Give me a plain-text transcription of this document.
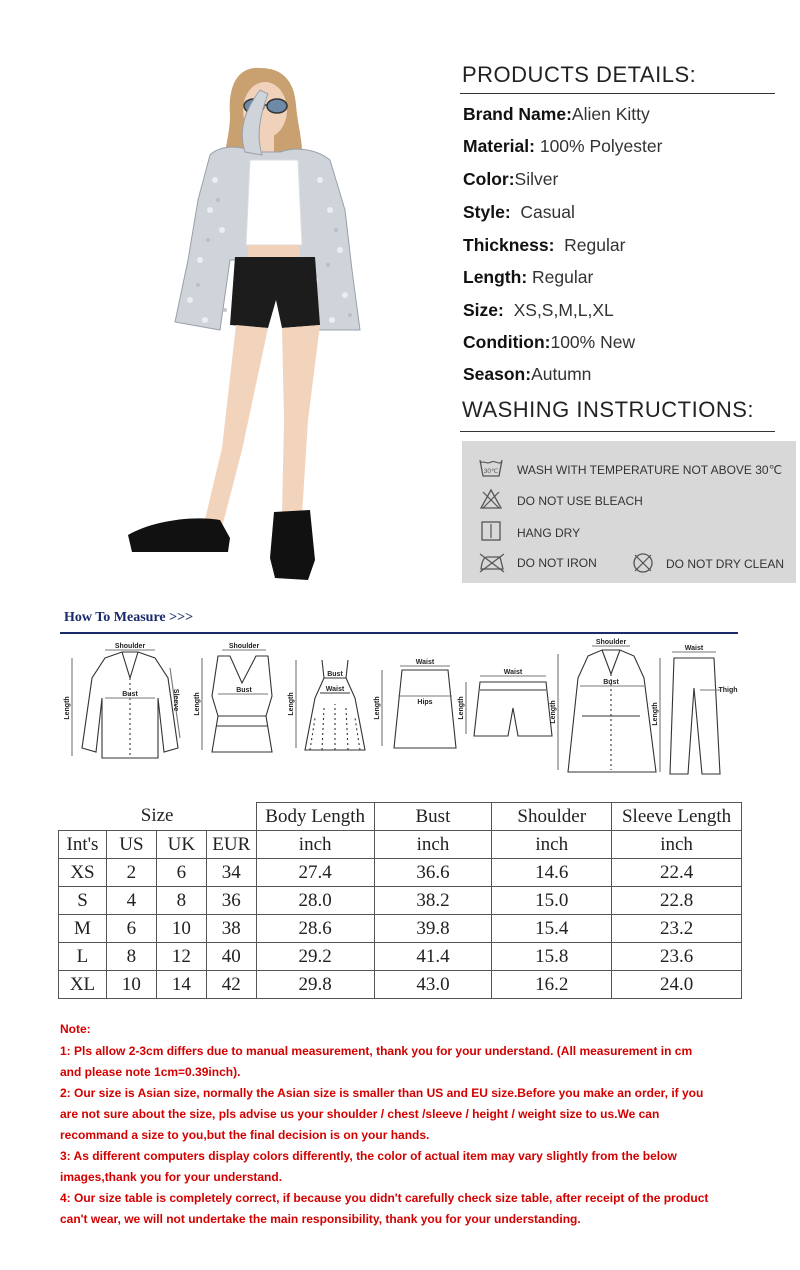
PRODUCTS DETAILS:
Brand Name:Alien Kitty
Material: 100% Polyester
Color:Silver
Style: Casual
Thickness: Regular
Length: Regular
Size: XS,S,M,L,XL
Condition:100% New
Season:Autumn
WASHING INSTRUCTIONS:
30℃ WASH WITH TEMPERATURE NOT ABOVE 30℃
DO NOT USE BLEACH
HANG DRY
DO NOT IRON	DO NOT DRY CLEAN
How To Measure >>>
Shoulder
Bust
Length	Sleeve
Shoulder
Bust
Length
Bust
Waist
Length
Waist
Hips
Length
Waist
Length
Shoulder
Bust
Length
Waist
Length
Thigh
Size				Body Length	Bust	Shoulder	Sleeve Length
Int's	US	UK	EUR	inch	inch	inch	inch
XS	2	6	34	27.4	36.6	14.6	22.4
S	4	8	36	28.0	38.2	15.0	22.8
M	6	10	38	28.6	39.8	15.4	23.2
L	8	12	40	29.2	41.4	15.8	23.6
XL	10	14	42	29.8	43.0	16.2	24.0
Note:
1: Pls allow 2-3cm differs due to manual measurement, thank you for your understand. (All measurement in cm
and please note 1cm=0.39inch).
2: Our size is Asian size, normally the Asian size is smaller than US and EU size.Before you make an order, if you
are not sure about the size, pls advise us your shoulder / chest /sleeve / height / weight size to us.We can
recommand a size to you,but the final decision is on your hands.
3: As different computers display colors differently, the color of actual item may vary slightly from the below
images,thank you for your understand.
4: Our size table is completely correct, if because you didn't carefully check size table, after receipt of the product
can't wear, we will not undertake the main responsibility, thank you for your understanding.
